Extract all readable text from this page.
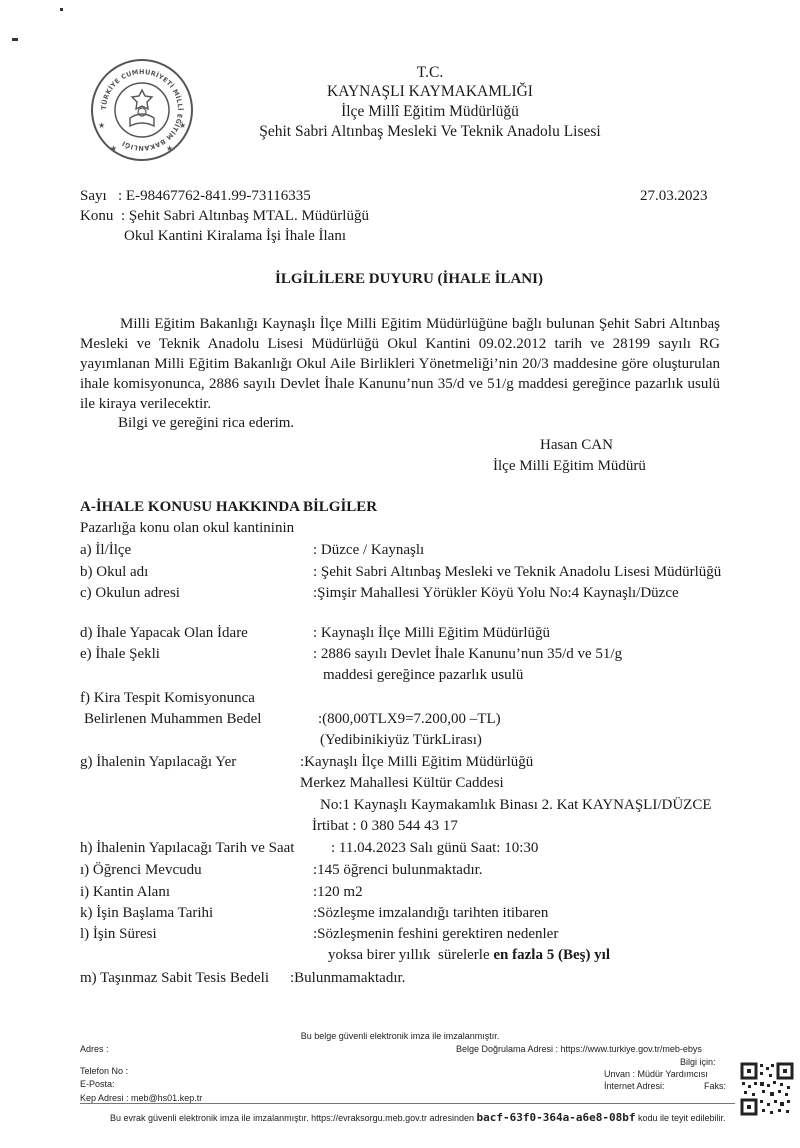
TÜRKİYE CUMHURİYETİ MİLLÎ EĞİTİM BAKANLIĞI
★	★
★	★
T.C.
KAYNAŞLI KAYMAKAMLIĞI
İlçe Millî Eğitim Müdürlüğü
Şehit Sabri Altınbaş Mesleki Ve Teknik Anadolu Lisesi
Sayı : E-98467762-841.99-73116335	27.03.2023
Konu : Şehit Sabri Altınbaş MTAL. Müdürlüğü
Okul Kantini Kiralama İşi İhale İlanı
İLGİLİLERE DUYURU (İHALE İLANI)
Milli Eğitim Bakanlığı Kaynaşlı İlçe Milli Eğitim Müdürlüğüne bağlı bulunan Şehit Sabri Altınbaş Mesleki ve Teknik Anadolu Lisesi Müdürlüğü Okul Kantini 09.02.2012 tarih ve 28199 sayılı RG yayımlanan Milli Eğitim Bakanlığı Okul Aile Birlikleri Yönetmeliği’nin 20/3 maddesine göre oluşturulan ihale komisyonunca, 2886 sayılı Devlet İhale Kanunu’nun 35/d ve 51/g maddesi gereğince pazarlık usulü ile kiraya verilecektir.
Bilgi ve gereğini rica ederim.
Hasan CAN
İlçe Milli Eğitim Müdürü
A-İHALE KONUSU HAKKINDA BİLGİLER
Pazarlığa konu olan okul kantininin
a) İl/İlçe	: Düzce / Kaynaşlı
b) Okul adı	: Şehit Sabri Altınbaş Mesleki ve Teknik Anadolu Lisesi Müdürlüğü
c) Okulun adresi	:Şimşir Mahallesi Yörükler Köyü Yolu No:4 Kaynaşlı/Düzce
d) İhale Yapacak Olan İdare	: Kaynaşlı İlçe Milli Eğitim Müdürlüğü
e) İhale Şekli	: 2886 sayılı Devlet İhale Kanunu’nun 35/d ve 51/g
maddesi gereğince pazarlık usulü
f) Kira Tespit Komisyonunca
Belirlenen Muhammen Bedel	:(800,00TLX9=7.200,00 –TL)
(Yedibinikiyüz TürkLirası)
g) İhalenin Yapılacağı Yer	:Kaynaşlı İlçe Milli Eğitim Müdürlüğü
Merkez Mahallesi Kültür Caddesi
No:1 Kaynaşlı Kaymakamlık Binası 2. Kat KAYNAŞLI/DÜZCE
İrtibat : 0 380 544 43 17
h) İhalenin Yapılacağı Tarih ve Saat : 11.04.2023 Salı günü Saat: 10:30
ı) Öğrenci Mevcudu	:145 öğrenci bulunmaktadır.
i) Kantin Alanı	:120 m2
k) İşin Başlama Tarihi	:Sözleşme imzalandığı tarihten itibaren
l) İşin Süresi	:Sözleşmenin feshini gerektiren nedenler
yoksa birer yıllık  sürelerle en fazla 5 (Beş) yıl
m) Taşınmaz Sabit Tesis Bedeli :Bulunmamaktadır.
Bu belge güvenli elektronik imza ile imzalanmıştır.
Adres :	Belge Doğrulama Adresi : https://www.turkiye.gov.tr/meb-ebys
Bilgi için:
Telefon No :	Unvan : Müdür Yardımcısı
E-Posta:	İnternet Adresi:	Faks:
Kep Adresi : meb@hs01.kep.tr
Bu evrak güvenli elektronik imza ile imzalanmıştır. https://evraksorgu.meb.gov.tr adresinden bacf-63f0-364a-a6e8-08bf kodu ile teyit edilebilir.
